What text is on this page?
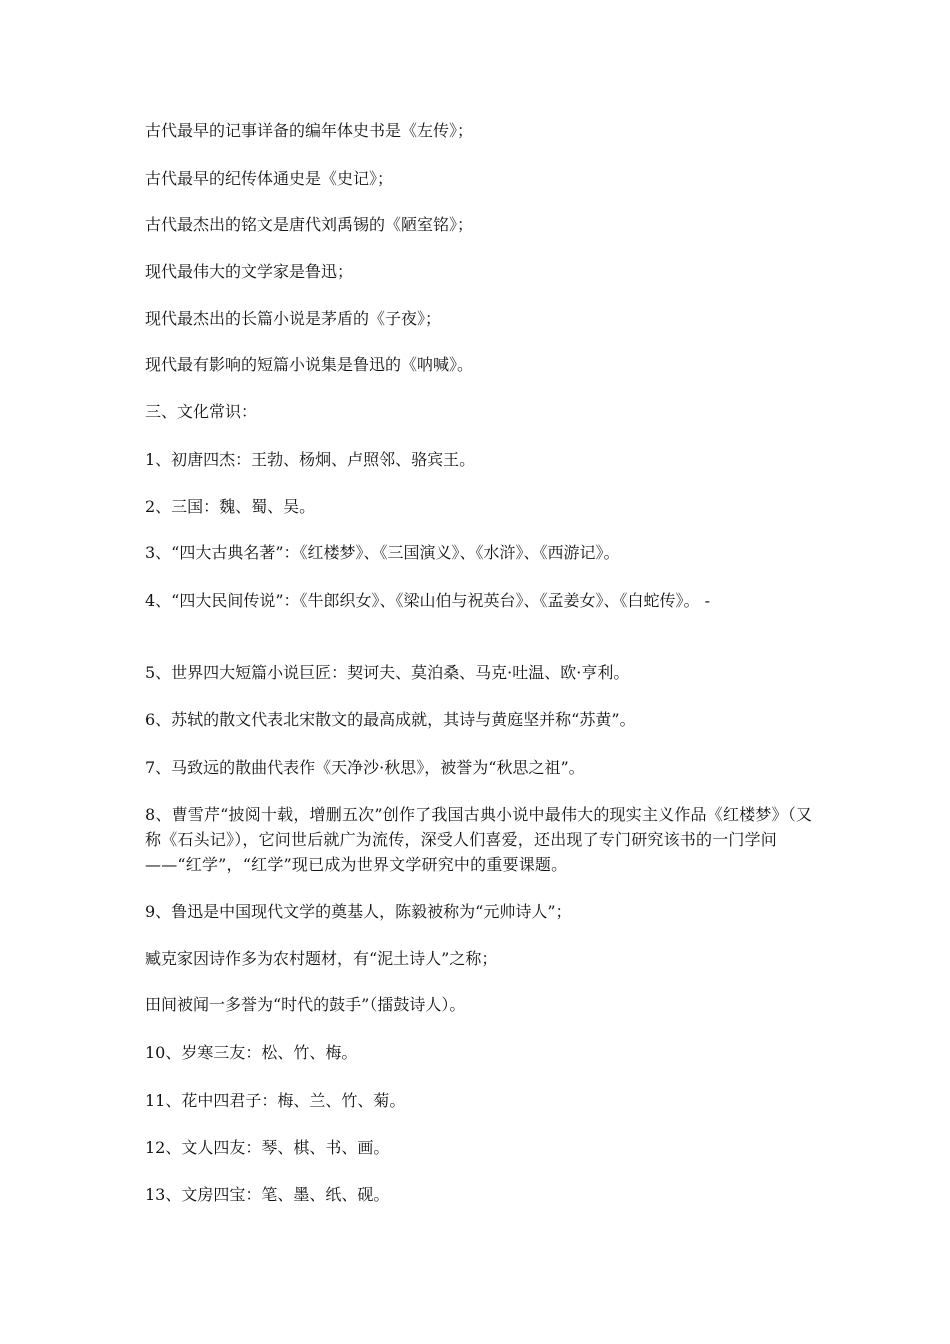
古代最早的记事详备的编年体史书是《左传》；
古代最早的纪传体通史是《史记》；
古代最杰出的铭文是唐代刘禹锡的《陋室铭》；
现代最伟大的文学家是鲁迅；
现代最杰出的长篇小说是茅盾的《子夜》；
现代最有影响的短篇小说集是鲁迅的《呐喊》。
三、文化常识：
1、初唐四杰：王勃、杨炯、卢照邻、骆宾王。
2、三国：魏、蜀、吴。
3、“四大古典名著”：《红楼梦》、《三国演义》、《水浒》、《西游记》。
4、“四大民间传说”：《牛郎织女》、《梁山伯与祝英台》、《孟姜女》、《白蛇传》。 -
5、世界四大短篇小说巨匠：契诃夫、莫泊桑、马克·吐温、欧·亨利。
6、苏轼的散文代表北宋散文的最高成就，其诗与黄庭坚并称“苏黄”。
7、马致远的散曲代表作《天净沙·秋思》，被誉为“秋思之祖”。
8、曹雪芹“披阅十载，增删五次”创作了我国古典小说中最伟大的现实主义作品《红楼梦》（又称《石头记》），它问世后就广为流传，深受人们喜爱，还出现了专门研究该书的一门学问——“红学”，“红学”现已成为世界文学研究中的重要课题。
9、鲁迅是中国现代文学的奠基人，陈毅被称为“元帅诗人”；
臧克家因诗作多为农村题材，有“泥土诗人”之称；
田间被闻一多誉为“时代的鼓手”（擂鼓诗人）。
10、岁寒三友：松、竹、梅。
11、花中四君子：梅、兰、竹、菊。
12、文人四友：琴、棋、书、画。
13、文房四宝：笔、墨、纸、砚。
